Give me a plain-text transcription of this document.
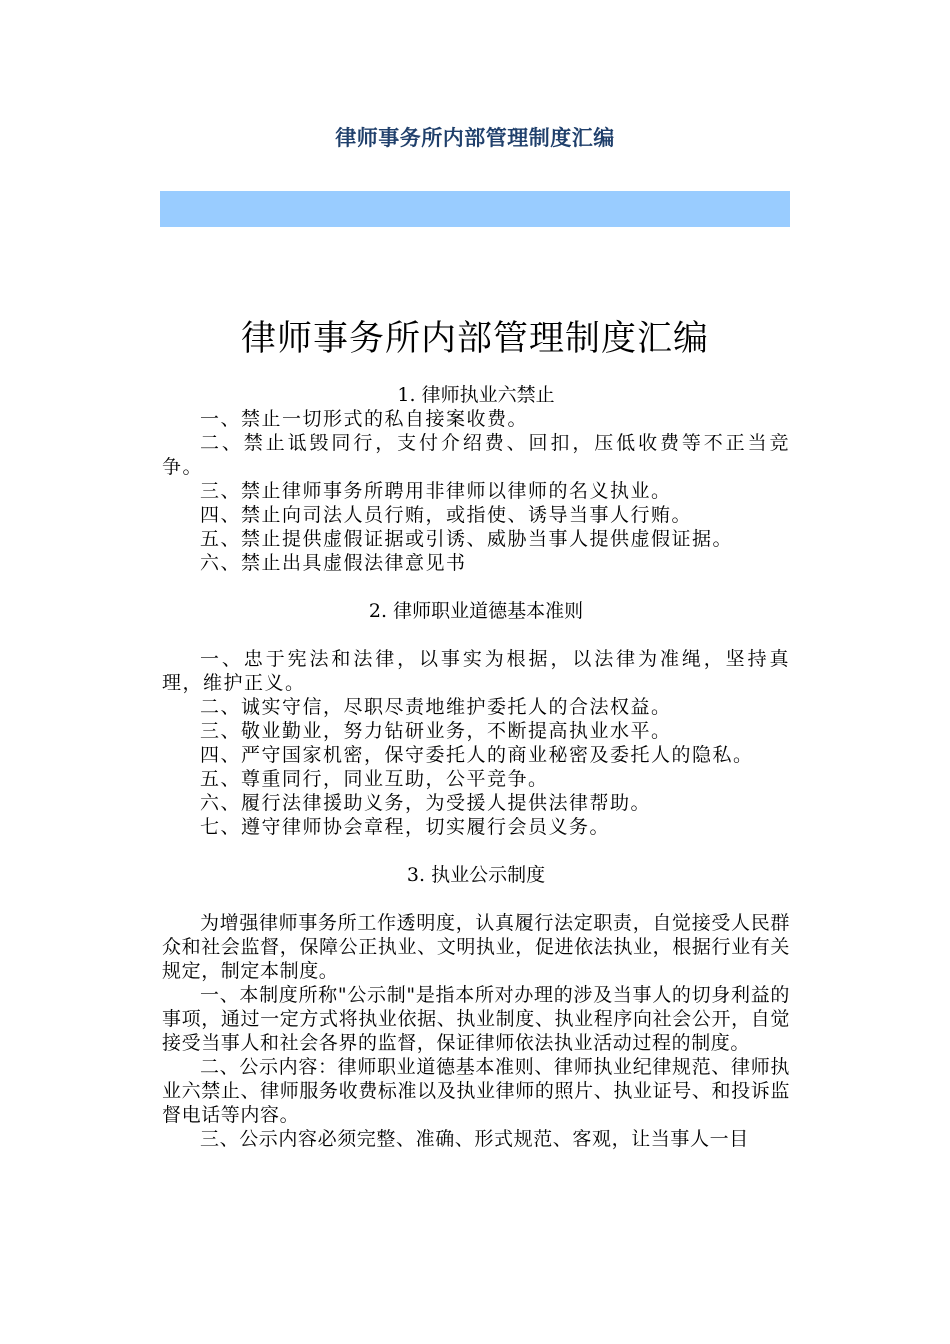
律师事务所内部管理制度汇编
律师事务所内部管理制度汇编

1. 律师执业六禁止

一、禁止一切形式的私自接案收费。

二、禁止诋毁同行，支付介绍费、回扣，压低收费等不正当竞争。

三、禁止律师事务所聘用非律师以律师的名义执业。

四、禁止向司法人员行贿，或指使、诱导当事人行贿。

五、禁止提供虚假证据或引诱、威胁当事人提供虚假证据。

六、禁止出具虚假法律意见书

2. 律师职业道德基本准则

一、忠于宪法和法律，以事实为根据，以法律为准绳，坚持真理，维护正义。

二、诚实守信，尽职尽责地维护委托人的合法权益。

三、敬业勤业，努力钻研业务，不断提高执业水平。

四、严守国家机密，保守委托人的商业秘密及委托人的隐私。

五、尊重同行，同业互助，公平竞争。

六、履行法律援助义务，为受援人提供法律帮助。

七、遵守律师协会章程，切实履行会员义务。

3. 执业公示制度

为增强律师事务所工作透明度，认真履行法定职责，自觉接受人民群众和社会监督，保障公正执业、文明执业，促进依法执业，根据行业有关规定，制定本制度。

一、本制度所称"公示制"是指本所对办理的涉及当事人的切身利益的事项，通过一定方式将执业依据、执业制度、执业程序向社会公开，自觉接受当事人和社会各界的监督，保证律师依法执业活动过程的制度。

二、公示内容：律师职业道德基本准则、律师执业纪律规范、律师执业六禁止、律师服务收费标准以及执业律师的照片、执业证号、和投诉监督电话等内容。

三、公示内容必须完整、准确、形式规范、客观，让当事人一目
